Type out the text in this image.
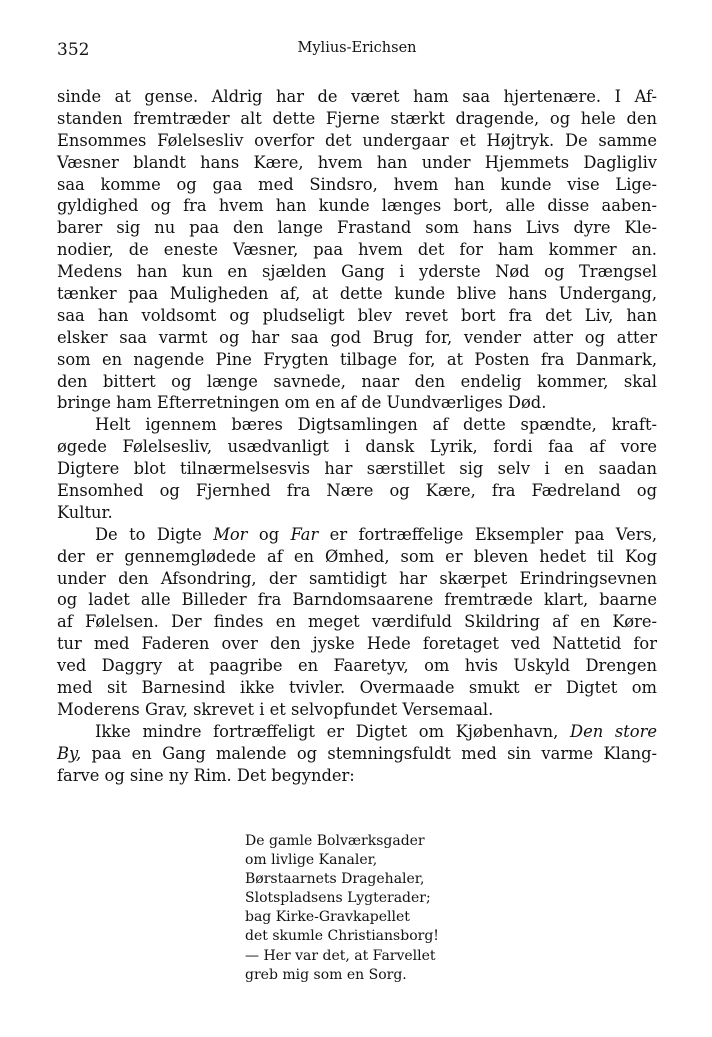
352	Mylius-Erichsen
sinde at gense. Aldrig har de været ham saa hjertenære. I Af-
standen fremtræder alt dette Fjerne stærkt dragende, og hele den
Ensommes Følelsesliv overfor det undergaar et Højtryk. De samme
Væsner blandt hans Kære, hvem han under Hjemmets Dagligliv
saa komme og gaa med Sindsro, hvem han kunde vise Lige-
gyldighed og fra hvem han kunde længes bort, alle disse aaben-
barer sig nu paa den lange Frastand som hans Livs dyre Kle-
nodier, de eneste Væsner, paa hvem det for ham kommer an.
Medens han kun en sjælden Gang i yderste Nød og Trængsel
tænker paa Muligheden af, at dette kunde blive hans Undergang,
saa han voldsomt og pludseligt blev revet bort fra det Liv, han
elsker saa varmt og har saa god Brug for, vender atter og atter
som en nagende Pine Frygten tilbage for, at Posten fra Danmark,
den bittert og længe savnede, naar den endelig kommer, skal
bringe ham Efterretningen om en af de Uundværliges Død.
Helt igennem bæres Digtsamlingen af dette spændte, kraft-
øgede Følelsesliv, usædvanligt i dansk Lyrik, fordi faa af vore
Digtere blot tilnærmelsesvis har særstillet sig selv i en saadan
Ensomhed og Fjernhed fra Nære og Kære, fra Fædreland og
Kultur.
De to Digte Mor og Far er fortræffelige Eksempler paa Vers,
der er gennemglødede af en Ømhed, som er bleven hedet til Kog
under den Afsondring, der samtidigt har skærpet Erindringsevnen
og ladet alle Billeder fra Barndomsaarene fremtræde klart, baarne
af Følelsen. Der findes en meget værdifuld Skildring af en Køre-
tur med Faderen over den jyske Hede foretaget ved Nattetid for
ved Daggry at paagribe en Faaretyv, om hvis Uskyld Drengen
med sit Barnesind ikke tvivler. Overmaade smukt er Digtet om
Moderens Grav, skrevet i et selvopfundet Versemaal.
Ikke mindre fortræffeligt er Digtet om Kjøbenhavn, Den store
By, paa en Gang malende og stemningsfuldt med sin varme Klang-
farve og sine ny Rim. Det begynder:
De gamle Bolværksgader
om livlige Kanaler,
Børstaarnets Dragehaler,
Slotspladsens Lygterader;
bag Kirke-Gravkapellet
det skumle Christiansborg!
— Her var det, at Farvellet
greb mig som en Sorg.
